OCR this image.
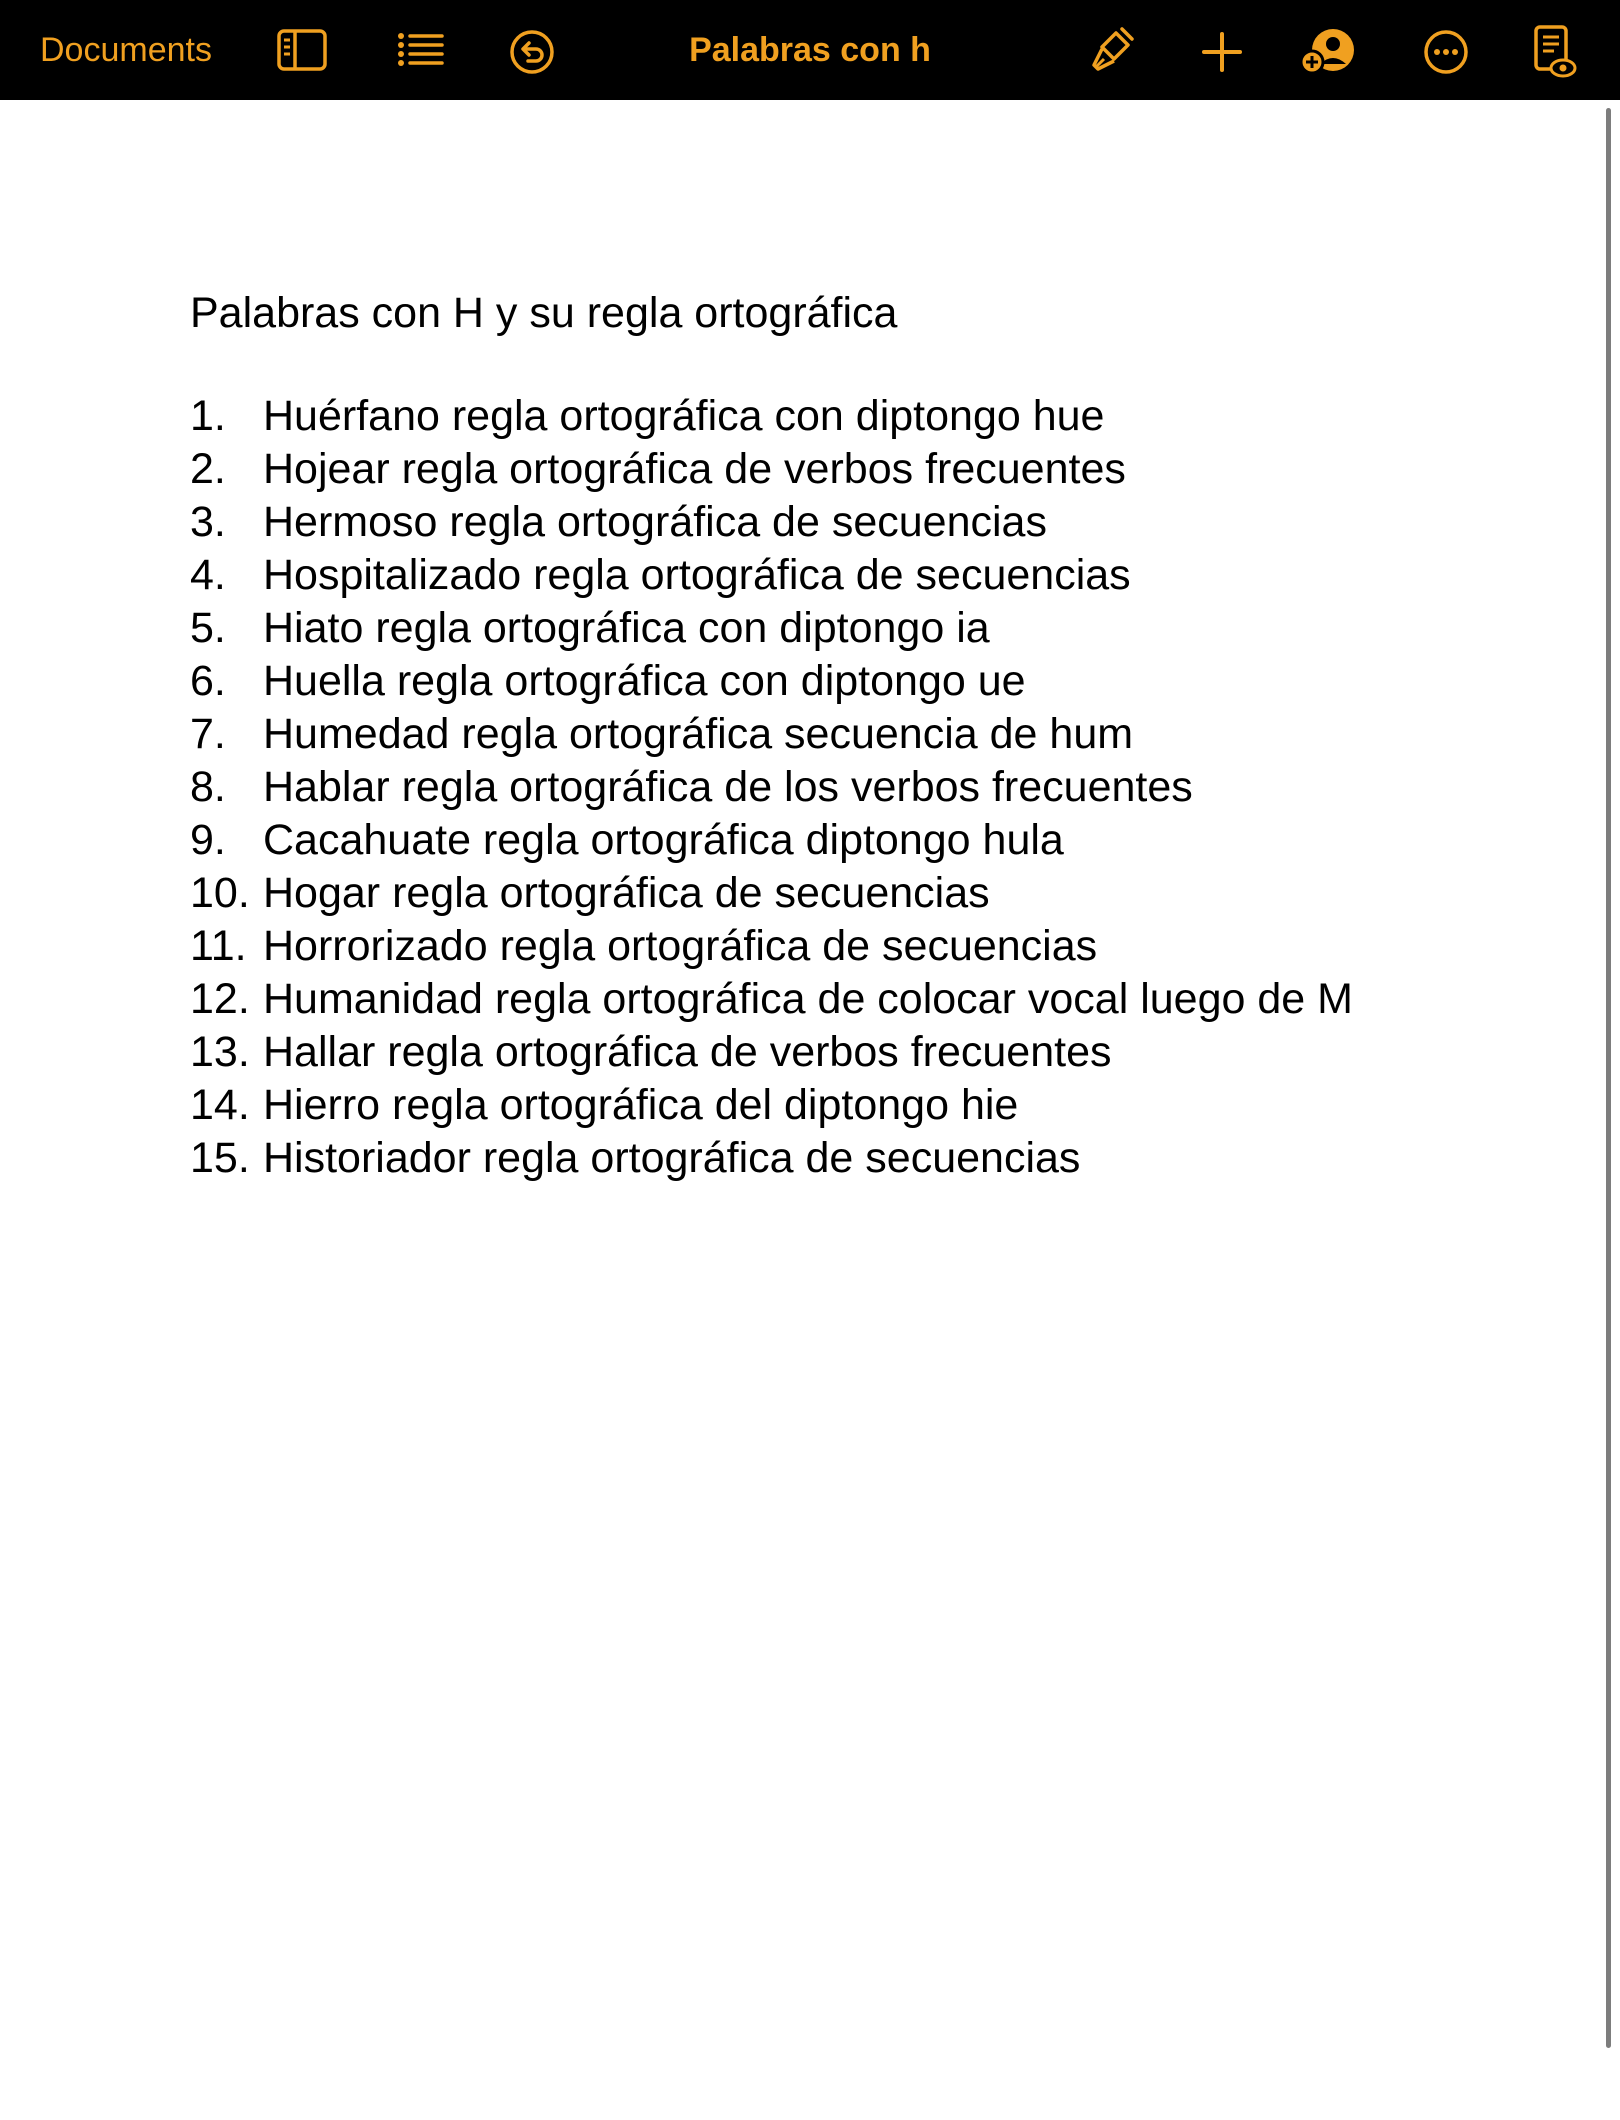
Documents	Palabras con h
Palabras con H y su regla ortográfica
1. Huérfano regla ortográfica con diptongo hue
2. Hojear regla ortográfica de verbos frecuentes
3. Hermoso regla ortográfica de secuencias
4. Hospitalizado regla ortográfica de secuencias
5. Hiato regla ortográfica con diptongo ia
6. Huella regla ortográfica con diptongo ue
7. Humedad regla ortográfica secuencia de hum
8. Hablar regla ortográfica de los verbos frecuentes
9. Cacahuate regla ortográfica diptongo hula
10. Hogar regla ortográfica de secuencias
11. Horrorizado regla ortográfica de secuencias
12. Humanidad regla ortográfica de colocar vocal luego de M
13. Hallar regla ortográfica de verbos frecuentes
14. Hierro regla ortográfica del diptongo hie
15. Historiador regla ortográfica de secuencias
